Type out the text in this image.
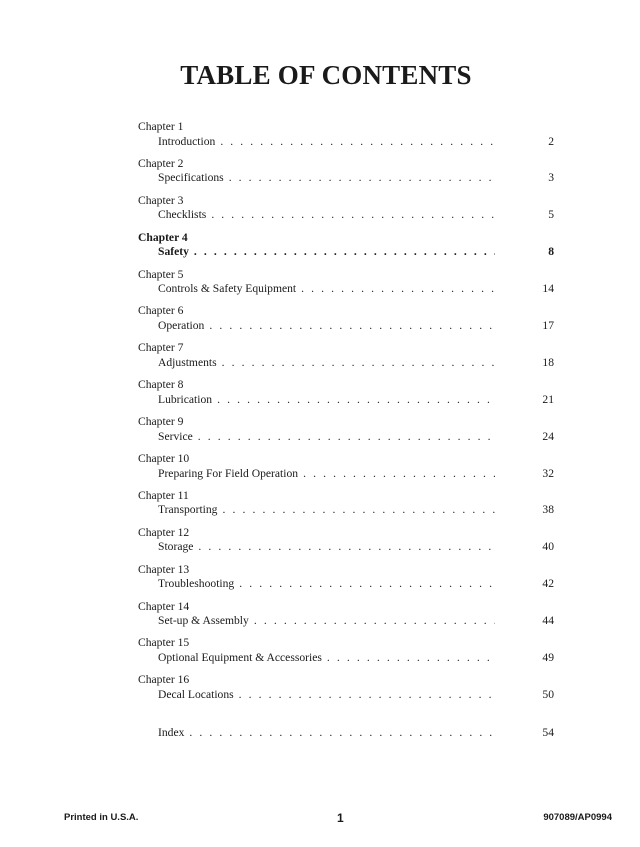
TABLE OF CONTENTS
Chapter 1
Introduction . . .	2
Chapter 2
Specifications . . .	3
Chapter 3
Checklists . . .	5
Chapter 4
Safety . . .	8
Chapter 5
Controls & Safety Equipment . . .	14
Chapter 6
Operation . . .	17
Chapter 7
Adjustments . . .	18
Chapter 8
Lubrication . . .	21
Chapter 9
Service . . .	24
Chapter 10
Preparing For Field Operation . . .	32
Chapter 11
Transporting . . .	38
Chapter 12
Storage . . .	40
Chapter 13
Troubleshooting . . .	42
Chapter 14
Set-up & Assembly . . .	44
Chapter 15
Optional Equipment & Accessories . . .	49
Chapter 16
Decal Locations . . .	50
Index . . .	54
Printed in U.S.A.	1	907089/AP0994
